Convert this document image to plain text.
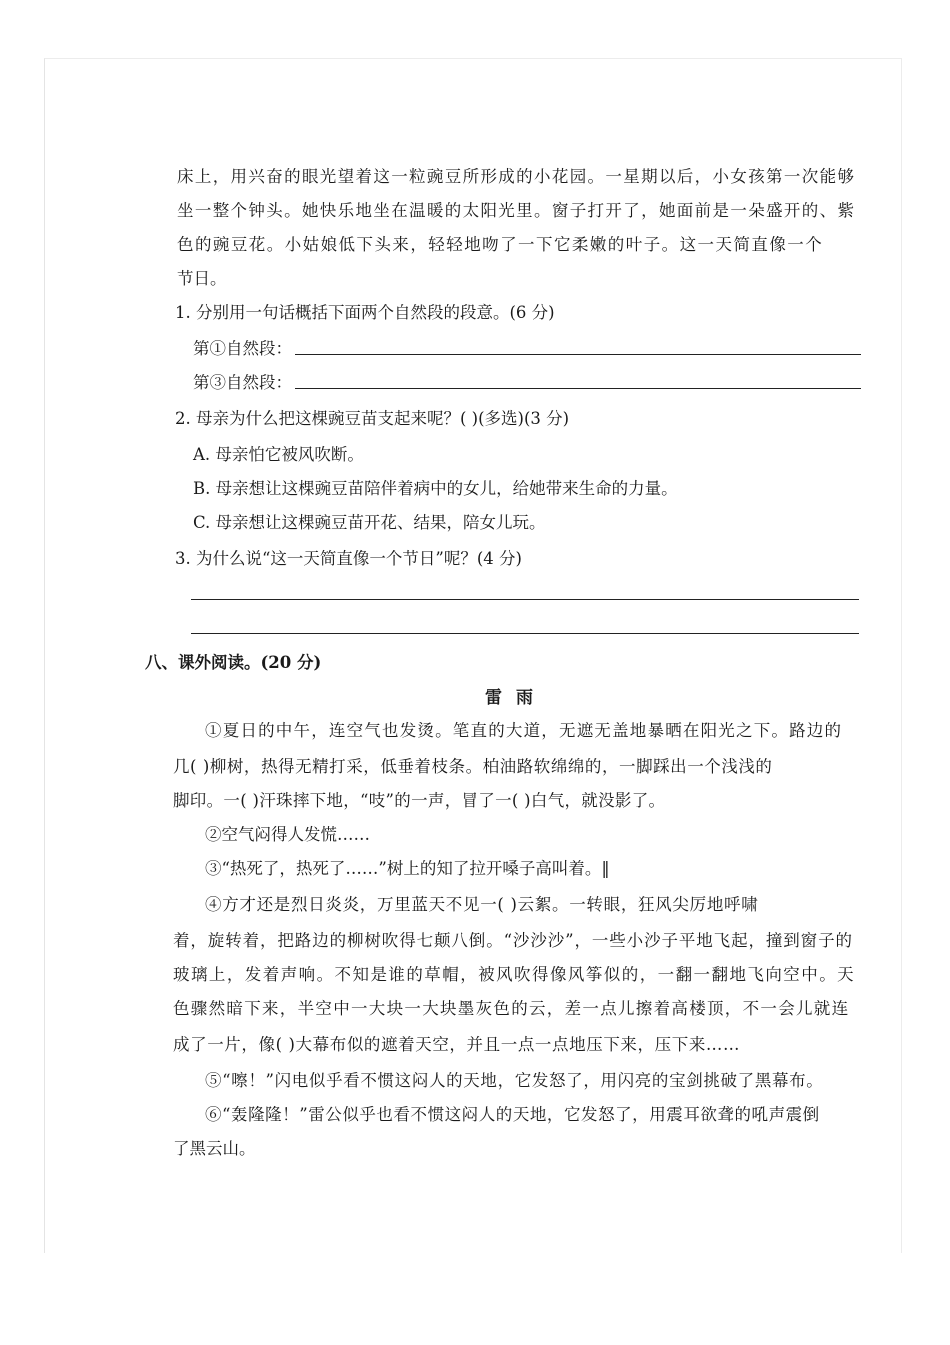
床上，用兴奋的眼光望着这一粒豌豆所形成的小花园。一星期以后，小女孩第一次能够
坐一整个钟头。她快乐地坐在温暖的太阳光里。窗子打开了，她面前是一朵盛开的、紫
色的豌豆花。小姑娘低下头来，轻轻地吻了一下它柔嫩的叶子。这一天简直像一个
节日。
1. 分别用一句话概括下面两个自然段的段意。(6 分)
第①自然段：
第③自然段：
2. 母亲为什么把这棵豌豆苗支起来呢？( )(多选)(3 分)
A. 母亲怕它被风吹断。
B. 母亲想让这棵豌豆苗陪伴着病中的女儿，给她带来生命的力量。
C. 母亲想让这棵豌豆苗开花、结果，陪女儿玩。
3. 为什么说“这一天简直像一个节日”呢？(4 分)
八、课外阅读。(20 分)
雷雨
①夏日的中午，连空气也发烫。笔直的大道，无遮无盖地暴晒在阳光之下。路边的
几( )柳树，热得无精打采，低垂着枝条。柏油路软绵绵的，一脚踩出一个浅浅的
脚印。一( )汗珠摔下地，“吱”的一声，冒了一( )白气，就没影了。
②空气闷得人发慌……
③“热死了，热死了……”树上的知了拉开嗓子高叫着。‖
④方才还是烈日炎炎，万里蓝天不见一( )云絮。一转眼，狂风尖厉地呼啸
着，旋转着，把路边的柳树吹得七颠八倒。“沙沙沙”，一些小沙子平地飞起，撞到窗子的
玻璃上，发着声响。不知是谁的草帽，被风吹得像风筝似的，一翻一翻地飞向空中。天
色骤然暗下来，半空中一大块一大块墨灰色的云，差一点儿擦着高楼顶，不一会儿就连
成了一片，像( )大幕布似的遮着天空，并且一点一点地压下来，压下来……
⑤“嚓！”闪电似乎看不惯这闷人的天地，它发怒了，用闪亮的宝剑挑破了黑幕布。
⑥“轰隆隆！”雷公似乎也看不惯这闷人的天地，它发怒了，用震耳欲聋的吼声震倒
了黑云山。
